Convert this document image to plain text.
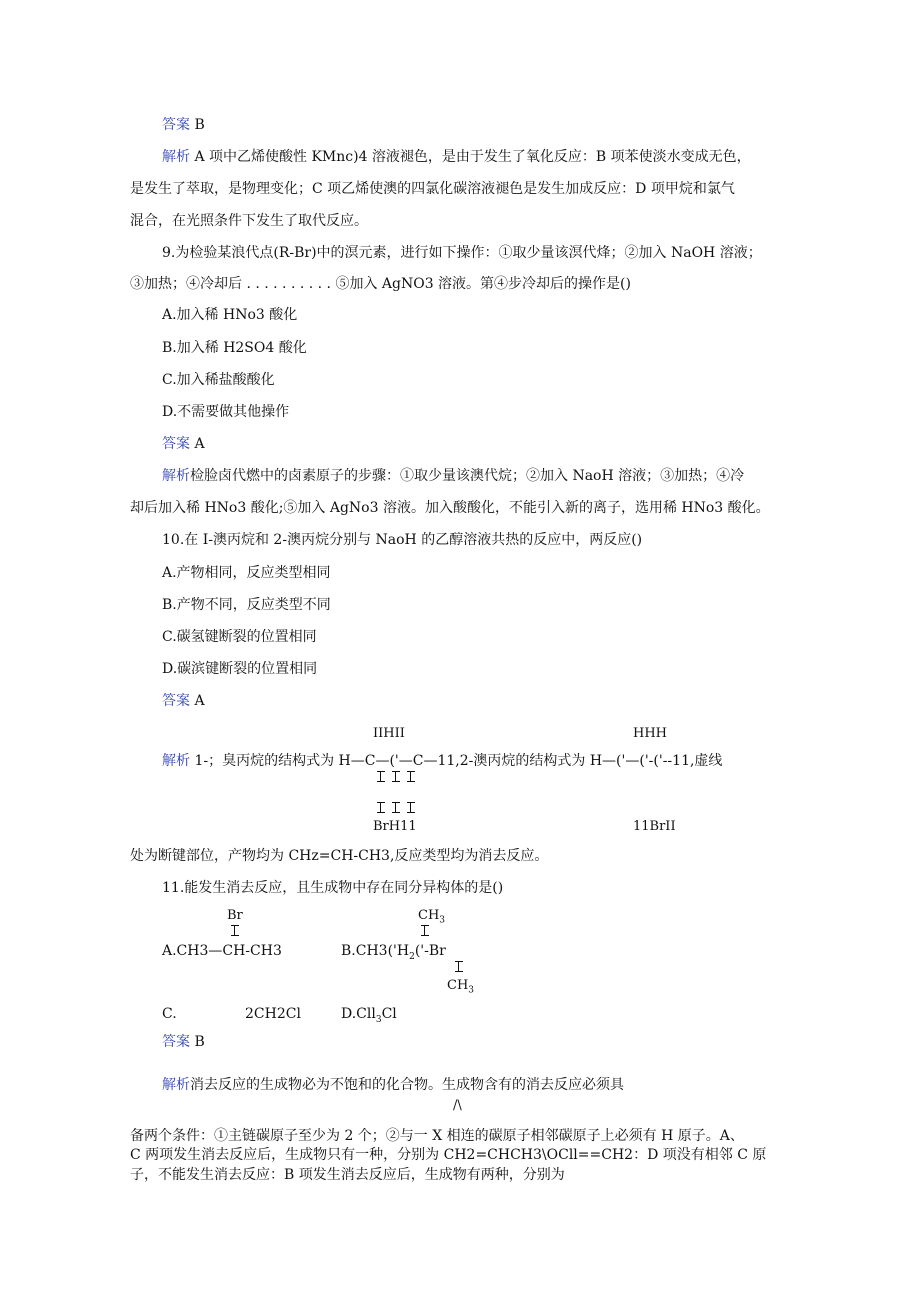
答案 B
解析 A 项中乙烯使酸性 KMnc)4 溶液褪色，是由于发生了氧化反应：B 项苯使淡水变成无色，
是发生了萃取，是物理变化；C 项乙烯使澳的四氯化碳溶液褪色是发生加成反应：D 项甲烷和氯气
混合，在光照条件下发生了取代反应。
9.为检验某浪代点(R-Br)中的溟元素，进行如下操作：①取少量该溟代烽；②加入 NaOH 溶液；
③加热；④冷却后 . . . . . . . . . . ⑤加入 AgNO3 溶液。第④步冷却后的操作是()
A.加入稀 HNo3 酸化
B.加入稀 H2SO4 酸化
C.加入稀盐酸酸化
D.不需要做其他操作
答案 A
解析检脸卤代燃中的卤素原子的步骤：①取少量该澳代烷；②加入 NaoH 溶液；③加热；④冷
却后加入稀 HNo3 酸化;⑤加入 AgNo3 溶液。加入酸酸化，不能引入新的离子，选用稀 HNo3 酸化。
10.在 I-澳丙烷和 2-澳丙烷分别与 NaoH 的乙醇溶液共热的反应中，两反应()
A.产物相同，反应类型相同
B.产物不同，反应类型不同
C.碳氢键断裂的位置相同
D.碳滨键断裂的位置相同
答案 A
IIHII	HHH
解析 1-；臭丙烷的结构式为 H—C—('—C—11,2-澳丙烷的结构式为 H—('—('-('--11,虚线
BrH11	11BrII
处为断键部位，产物均为 CHz=CH-CH3,反应类型均为消去反应。
11.能发生消去反应，且生成物中存在同分异构体的是()
Br	$CH_3$
A.CH3—CH-CH3	$B.CH3('H_2('-Br$
$CH_3$
C.	2CH2Cl	D.Cll$_3$Cl
答案 B
解析消去反应的生成物必为不饱和的化合物。生成物含有的消去反应必须具
/\
备两个条件：①主链碳原子至少为 2 个；②与一 X 相连的碳原子相邻碳原子上必须有 H 原子。A、
C 两项发生消去反应后，生成物只有一种，分别为 CH2=CHCH3\OCll==CH2：D 项没有相邻 C 原
子，不能发生消去反应：B 项发生消去反应后，生成物有两种，分别为
